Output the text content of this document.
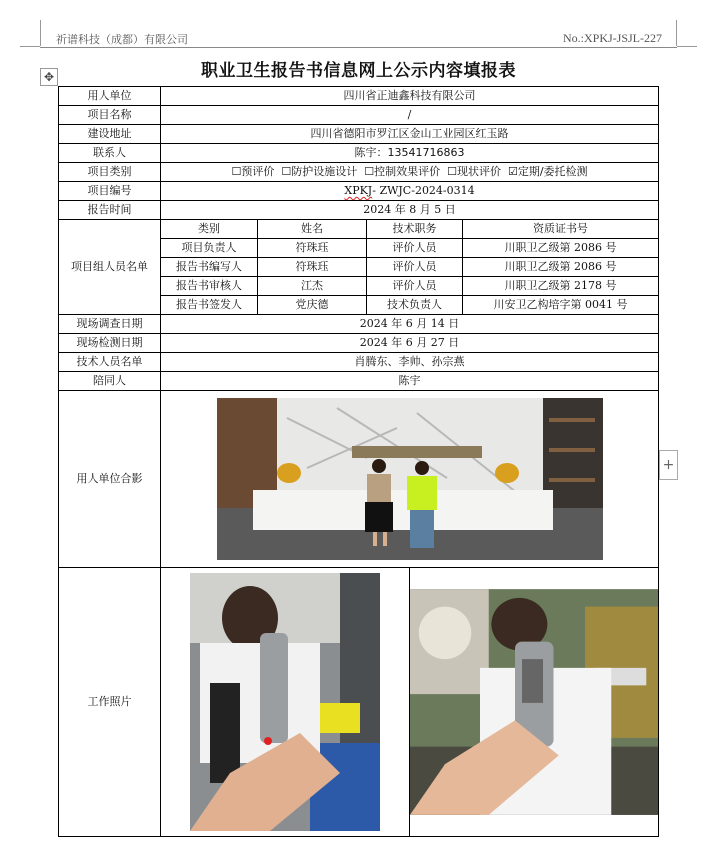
祈谱科技（成都）有限公司	No.:XPKJ-JSJL-227
职业卫生报告书信息网上公示内容填报表
✥
+
用人单位	四川省正迪鑫科技有限公司			
项目名称	/			
建设地址	四川省德阳市罗江区金山工业园区红玉路			
联系人	陈宇：13541716863			
项目类别	☐预评价 ☐防护设施设计 ☐控制效果评价 ☐现状评价 ☑定期/委托检测			
项目编号	XPKJ- ZWJC-2024-0314			
报告时间	2024 年 8 月 5 日			
项目组人员名单	类别	姓名	技术职务	资质证书号
	项目负责人	符珠珏	评价人员	川职卫乙级第 2086 号
	报告书编写人	符珠珏	评价人员	川职卫乙级第 2086 号
	报告书审核人	江杰	评价人员	川职卫乙级第 2178 号
	报告书签发人	党庆德	技术负责人	川安卫乙构培字第 0041 号
现场调查日期	2024 年 6 月 14 日			
现场检测日期	2024 年 6 月 27 日			
技术人员名单	肖腾东、李帅、孙宗燕			
陪同人	陈宇			
用人单位合影	

工作照片	
